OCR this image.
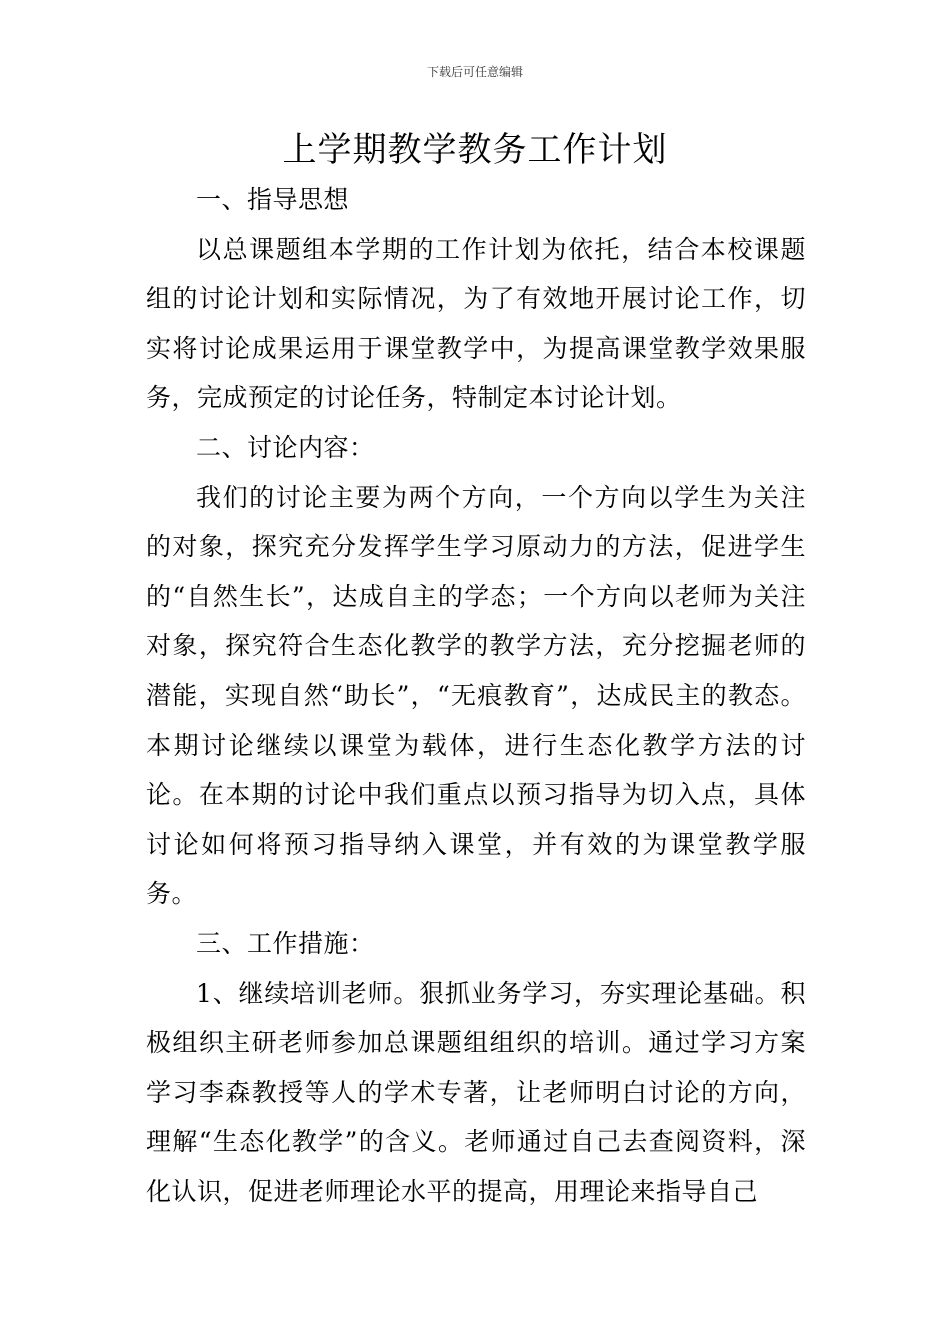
下载后可任意编辑
上学期教学教务工作计划

一、指导思想

以总课题组本学期的工作计划为依托，结合本校课题组的讨论计划和实际情况，为了有效地开展讨论工作，切实将讨论成果运用于课堂教学中，为提高课堂教学效果服务，完成预定的讨论任务，特制定本讨论计划。

二、讨论内容：

我们的讨论主要为两个方向，一个方向以学生为关注的对象，探究充分发挥学生学习原动力的方法，促进学生的“自然生长”，达成自主的学态；一个方向以老师为关注对象，探究符合生态化教学的教学方法，充分挖掘老师的潜能，实现自然“助长”，“无痕教育”，达成民主的教态。本期讨论继续以课堂为载体，进行生态化教学方法的讨论。在本期的讨论中我们重点以预习指导为切入点，具体讨论如何将预习指导纳入课堂，并有效的为课堂教学服务。

三、工作措施：

1、继续培训老师。狠抓业务学习，夯实理论基础。积极组织主研老师参加总课题组组织的培训。通过学习方案学习李森教授等人的学术专著，让老师明白讨论的方向，理解“生态化教学”的含义。老师通过自己去查阅资料，深化认识，促进老师理论水平的提高，用理论来指导自己
